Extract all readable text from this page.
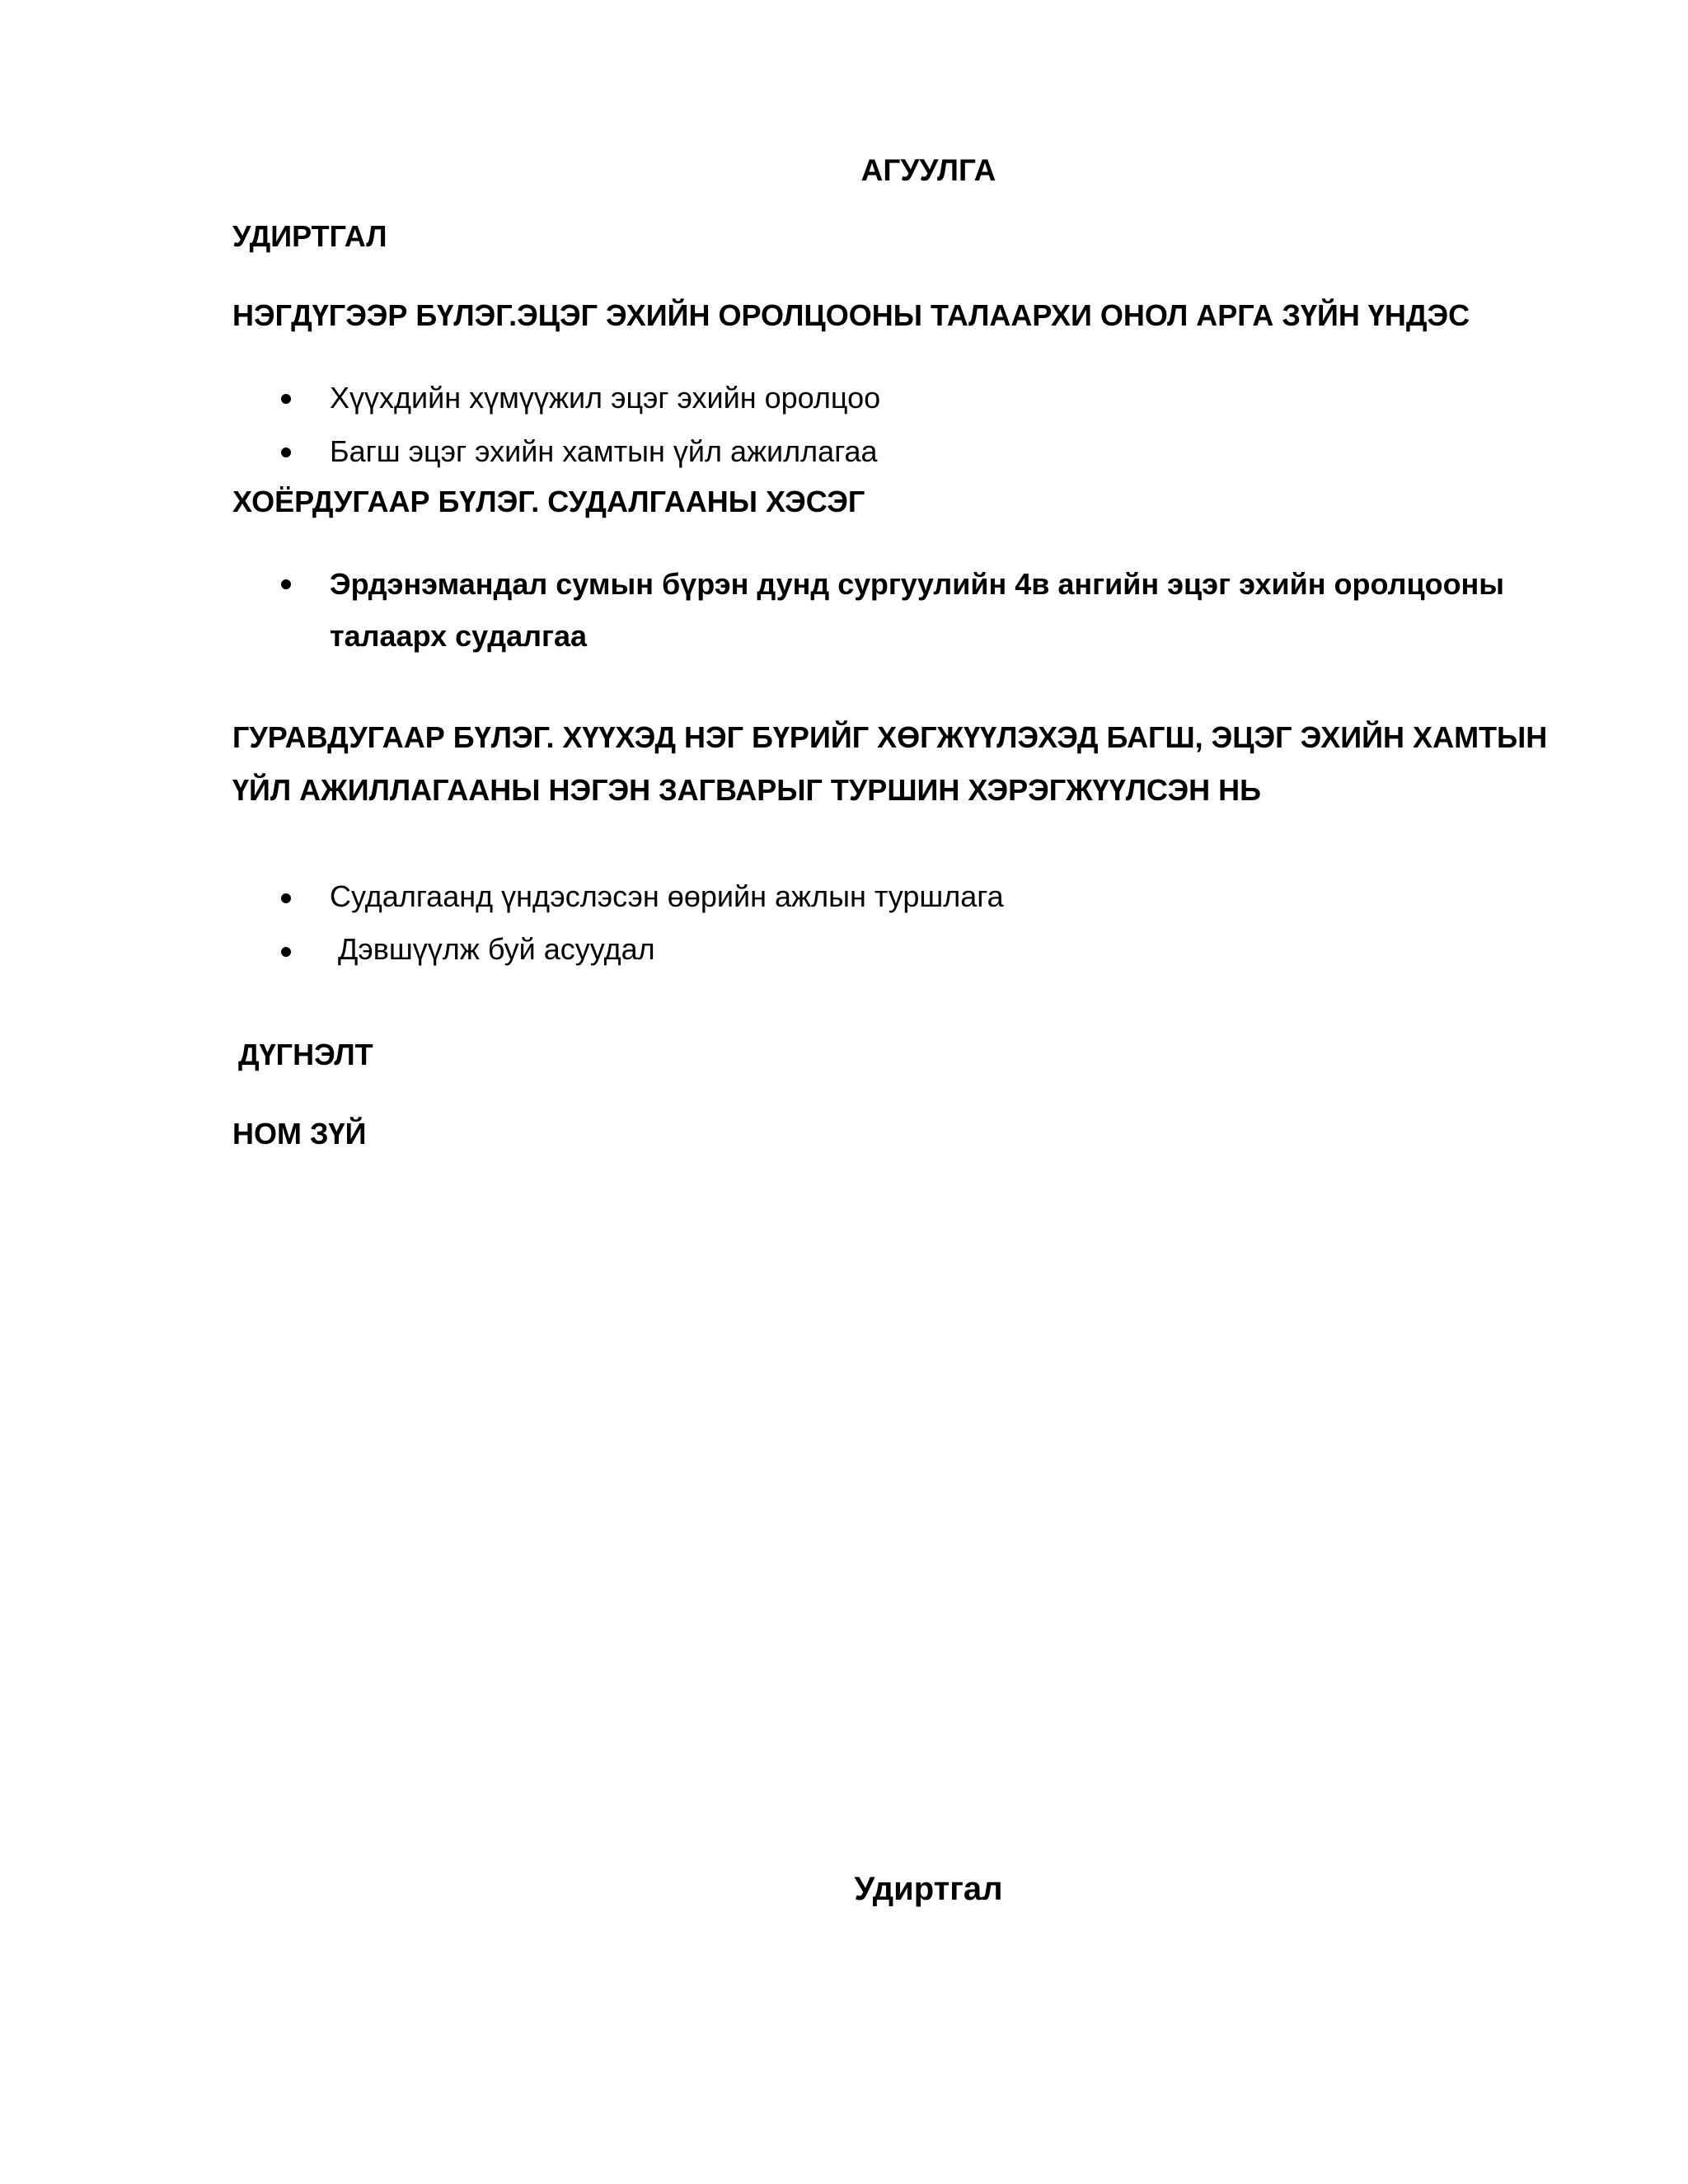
АГУУЛГА
УДИРТГАЛ
НЭГДҮГЭЭР БҮЛЭГ.ЭЦЭГ ЭХИЙН ОРОЛЦООНЫ ТАЛААРХИ ОНОЛ АРГА ЗҮЙН ҮНДЭС
Хүүхдийн хүмүүжил эцэг эхийн оролцоо
Багш эцэг эхийн хамтын үйл ажиллагаа
ХОЁРДУГААР БҮЛЭГ. СУДАЛГААНЫ ХЭСЭГ
Эрдэнэмандал сумын бүрэн дунд сургуулийн 4в ангийн эцэг эхийн оролцооны
талаарх судалгаа
ГУРАВДУГААР БҮЛЭГ. ХҮҮХЭД НЭГ БҮРИЙГ ХӨГЖҮҮЛЭХЭД БАГШ, ЭЦЭГ ЭХИЙН ХАМТЫН
ҮЙЛ АЖИЛЛАГААНЫ НЭГЭН ЗАГВАРЫГ ТУРШИН ХЭРЭГЖҮҮЛСЭН НЬ
Судалгаанд үндэслэсэн өөрийн ажлын туршлага
Дэвшүүлж буй асуудал
ДҮГНЭЛТ
НОМ ЗҮЙ
Удиртгал
